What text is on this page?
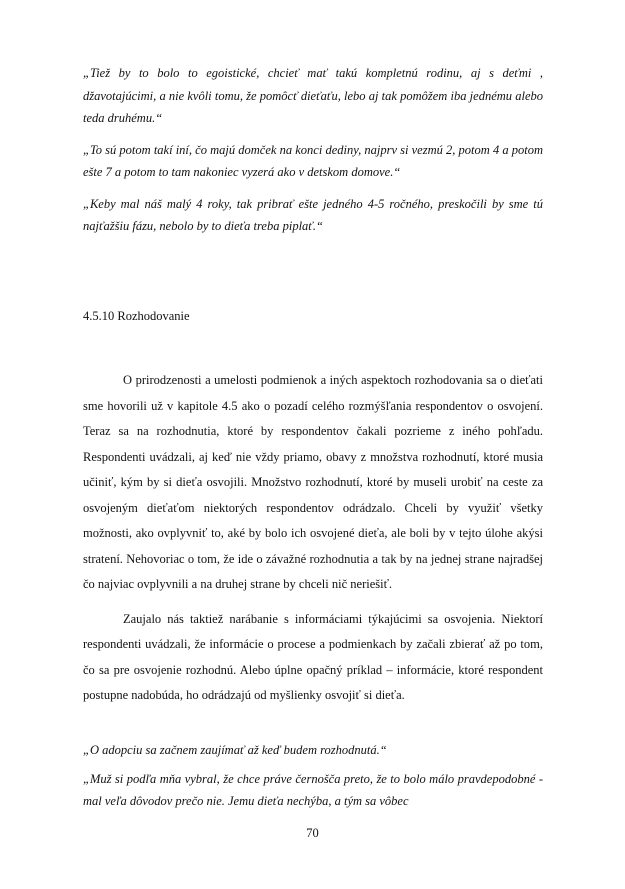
„Tiež by to bolo to egoistické, chcieť mať takú kompletnú rodinu, aj s deťmi , džavotajúcimi, a nie kvôli tomu, že pomôcť dieťaťu, lebo aj tak pomôžem iba jednému alebo teda druhému.“

„To sú potom takí iní, čo majú domček na konci dediny, najprv si vezmú 2, potom 4 a potom ešte 7 a potom to tam nakoniec vyzerá ako v detskom domove.“

„Keby mal náš malý 4 roky, tak pribrať ešte jedného 4-5 ročného, preskočili by sme tú najťažšiu fázu, nebolo by to dieťa treba piplať.“

4.5.10 Rozhodovanie

O prirodzenosti a umelosti podmienok a iných aspektoch rozhodovania sa o dieťati sme hovorili už v kapitole 4.5 ako o pozadí celého rozmýšľania respondentov o osvojení. Teraz sa na rozhodnutia, ktoré by respondentov čakali pozrieme z iného pohľadu. Respondenti uvádzali, aj keď nie vždy priamo, obavy z množstva rozhodnutí, ktoré musia učiniť, kým by si dieťa osvojili. Množstvo rozhodnutí, ktoré by museli urobiť na ceste za osvojeným dieťaťom niektorých respondentov odrádzalo. Chceli by využiť všetky možnosti, ako ovplyvniť to, aké by bolo ich osvojené dieťa, ale boli by v tejto úlohe akýsi stratení. Nehovoriac o tom, že ide o závažné rozhodnutia a tak by na jednej strane najradšej čo najviac ovplyvnili a na druhej strane by chceli nič neriešiť.

Zaujalo nás taktiež narábanie s informáciami týkajúcimi sa osvojenia. Niektorí respondenti uvádzali, že informácie o procese a podmienkach by začali zbierať až po tom, čo sa pre osvojenie rozhodnú. Alebo úplne opačný príklad – informácie, ktoré respondent postupne nadobúda, ho odrádzajú od myšlienky osvojiť si dieťa.

„O adopciu sa začnem zaujímať až keď budem rozhodnutá.“

„Muž si podľa mňa vybral, že chce práve černošča preto, že to bolo málo pravdepodobné - mal veľa dôvodov prečo nie. Jemu dieťa nechýba, a tým sa vôbec

70
